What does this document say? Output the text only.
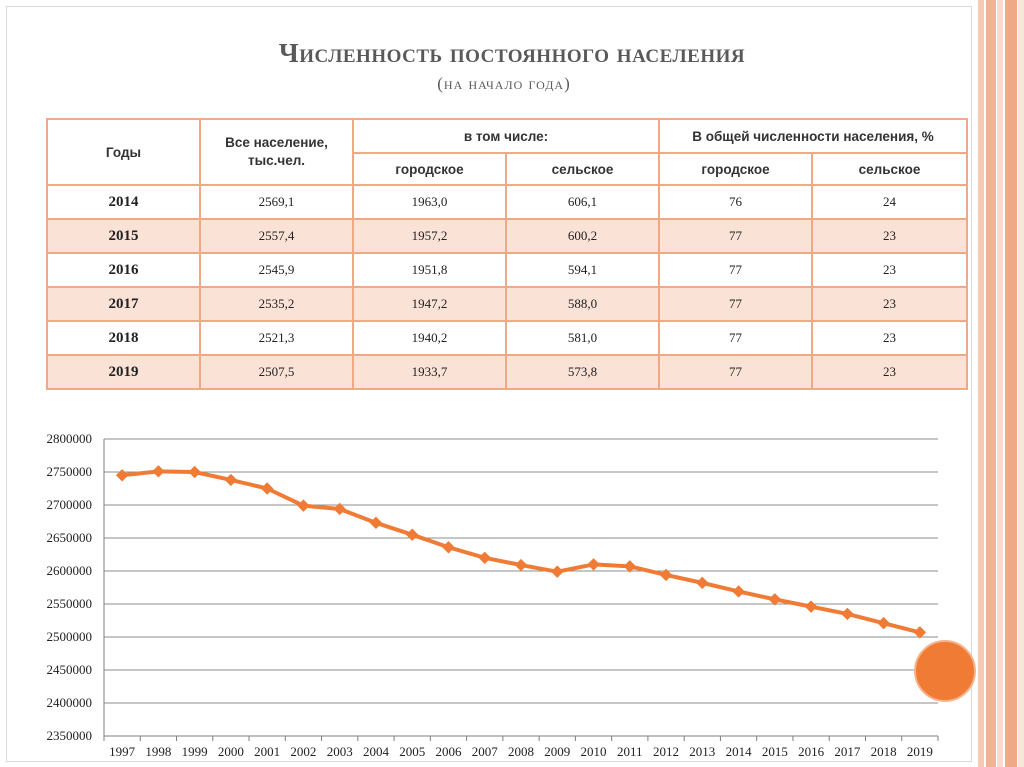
Численность постоянного населения
(на начало года)
Годы	Все население, тыс.чел.	в том числе:		В общей численности населения, %	
		городское	сельское	городское	сельское
2014	2569,1	1963,0	606,1	76	24
2015	2557,4	1957,2	600,2	77	23
2016	2545,9	1951,8	594,1	77	23
2017	2535,2	1947,2	588,0	77	23
2018	2521,3	1940,2	581,0	77	23
2019	2507,5	1933,7	573,8	77	23
2800000
2750000
2700000
2650000
2600000
2550000
2500000
2450000
2400000
2350000
1997 1998 1999 2000 2001 2002 2003 2004 2005 2006 2007 2008 2009 2010 2011 2012 2013 2014 2015 2016 2017 2018 2019
